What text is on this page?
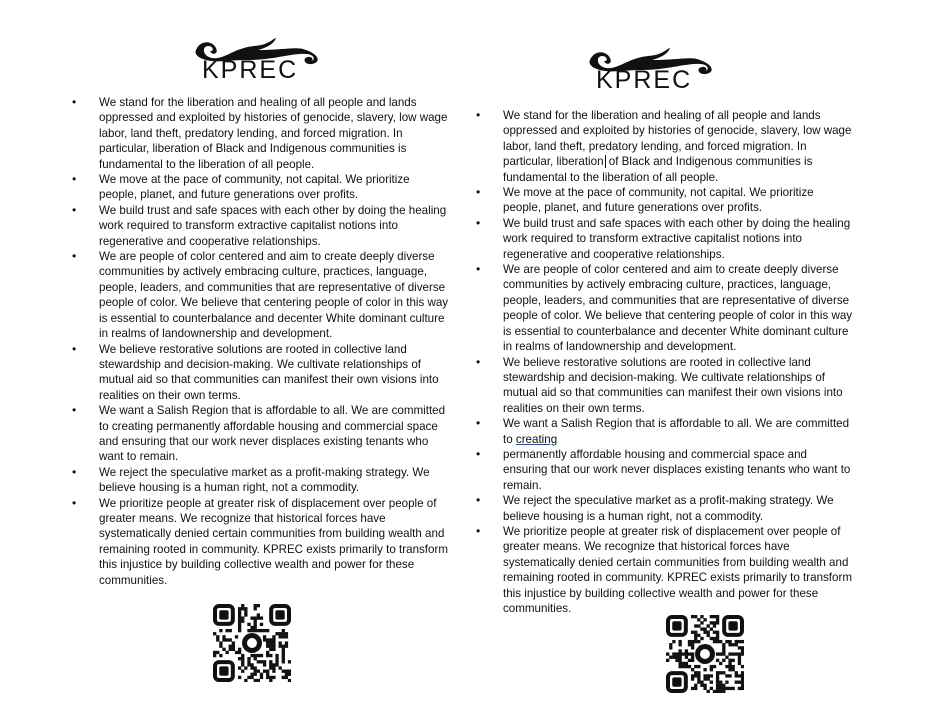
KPREC
• We stand for the liberation and healing of all people and lands oppressed and exploited by histories of genocide, slavery, low wage labor, land theft, predatory lending, and forced migration. In particular, liberation of Black and Indigenous communities is fundamental to the liberation of all people.
• We move at the pace of community, not capital. We prioritize people, planet, and future generations over profits.
• We build trust and safe spaces with each other by doing the healing work required to transform extractive capitalist notions into regenerative and cooperative relationships.
• We are people of color centered and aim to create deeply diverse communities by actively embracing culture, practices, language, people, leaders, and communities that are representative of diverse people of color. We believe that centering people of color in this way is essential to counterbalance and decenter White dominant culture in realms of landownership and development.
• We believe restorative solutions are rooted in collective land stewardship and decision-making. We cultivate relationships of mutual aid so that communities can manifest their own visions into realities on their own terms.
• We want a Salish Region that is affordable to all. We are committed to creating permanently affordable housing and commercial space and ensuring that our work never displaces existing tenants who want to remain.
• We reject the speculative market as a profit-making strategy. We believe housing is a human right, not a commodity.
• We prioritize people at greater risk of displacement over people of greater means. We recognize that historical forces have systematically denied certain communities from building wealth and remaining rooted in community. KPREC exists primarily to transform this injustice by building collective wealth and power for these communities.
KPREC
• We stand for the liberation and healing of all people and lands oppressed and exploited by histories of genocide, slavery, low wage labor, land theft, predatory lending, and forced migration. In particular, liberation of Black and Indigenous communities is fundamental to the liberation of all people.
• We move at the pace of community, not capital. We prioritize people, planet, and future generations over profits.
• We build trust and safe spaces with each other by doing the healing work required to transform extractive capitalist notions into regenerative and cooperative relationships.
• We are people of color centered and aim to create deeply diverse communities by actively embracing culture, practices, language, people, leaders, and communities that are representative of diverse people of color. We believe that centering people of color in this way is essential to counterbalance and decenter White dominant culture in realms of landownership and development.
• We believe restorative solutions are rooted in collective land stewardship and decision-making. We cultivate relationships of mutual aid so that communities can manifest their own visions into realities on their own terms.
• We want a Salish Region that is affordable to all. We are committed to creating
• permanently affordable housing and commercial space and ensuring that our work never displaces existing tenants who want to remain.
• We reject the speculative market as a profit-making strategy. We believe housing is a human right, not a commodity.
• We prioritize people at greater risk of displacement over people of greater means. We recognize that historical forces have systematically denied certain communities from building wealth and remaining rooted in community. KPREC exists primarily to transform this injustice by building collective wealth and power for these communities.
